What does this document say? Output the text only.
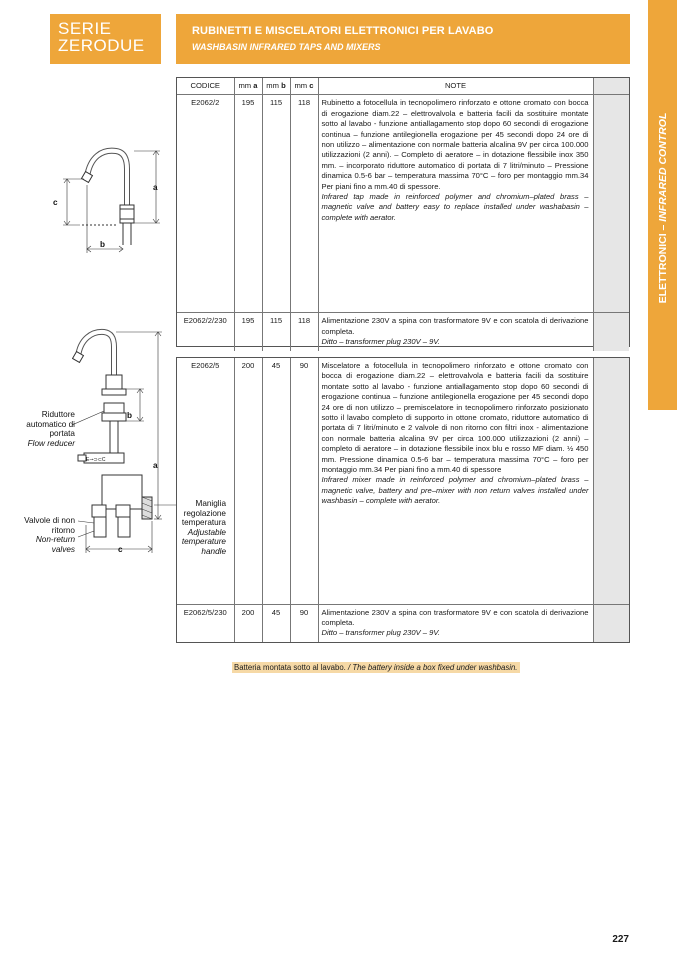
SERIE
ZERODUE
RUBINETTI E MISCELATORI ELETTRONICI PER LAVABO
WASHBASIN INFRARED TAPS AND MIXERS
ELETTRONICI – INFRARED CONTROL
CODICE	mm a	mm b	mm c	NOTE	
E2062/2	195	115	118	Rubinetto a fotocellula in tecnopolimero rinforzato e ottone cromato con bocca di erogazione diam.22 – elettrovalvola e batteria facili da sostituire montate sotto al lavabo - funzione antiallagamento stop dopo 60 secondi di erogazione continua – funzione antilegionella erogazione per 45 secondi dopo 24 ore di non utilizzo – alimentazione con normale batteria alcalina 9V per circa 100.000 utilizzazioni (2 anni). – Completo di aeratore – in dotazione flessibile inox 350 mm. – incorporato riduttore automatico di portata di 7 litri/minuto – Pressione dinamica 0.5-6 bar – temperatura massima 70°C – foro per montaggio mm.34 Per piani fino a mm.40 di spessore.
Infrared tap made in reinforced polymer and chromium–plated brass – magnetic valve and battery easy to replace installed under washabasin – complete with aerator.	
E2062/2/230	195	115	118	Alimentazione 230V a spina con trasformatore 9V e con scatola di derivazione completa.
Ditto – transformer plug 230V – 9V.	
E2062/5	200	45	90	Miscelatore a fotocellula in tecnopolimero rinforzato e ottone cromato con bocca di erogazione diam.22 – elettrovalvola e batteria facili da sostituire montate sotto al lavabo - funzione antiallagamento stop dopo 60 secondi di erogazione continua – funzione antilegionella erogazione per 45 secondi dopo 24 ore di non utilizzo – premiscelatore in tecnopolimero rinforzato posizionato sotto il lavabo completo di supporto in ottone cromato, riduttore automatico di portata di 7 litri/minuto e 2 valvole di non ritorno con filtri inox - alimentazione con normale batteria alcalina 9V per circa 100.000 utilizzazioni (2 anni) – completo di aeratore – in dotazione flessibile inox blu e rosso MF diam. ½ 450 mm. Pressione dinamica 0.5-6 bar – temperatura massima 70°C – foro per montaggio mm.34 Per piani fino a mm.40 di spessore
Infrared mixer made in reinforced polymer and chromium–plated brass – magnetic valve, battery and pre–mixer with non return valves installed under washbasin – complete with aerator.	
E2062/5/230	200	45	90	Alimentazione 230V a spina con trasformatore 9V e con scatola di derivazione completa.
Ditto – transformer plug 230V – 9V.	
a
c
b
E⊸⊃⊂C
b
a
c
Riduttore automatico di portata
Flow reducer
Valvole di non ritorno
Non-return valves
Maniglia regolazione temperatura
Adjustable temperature handle
Batteria montata sotto al lavabo. / The battery inside a box fixed under washbasin.
227
